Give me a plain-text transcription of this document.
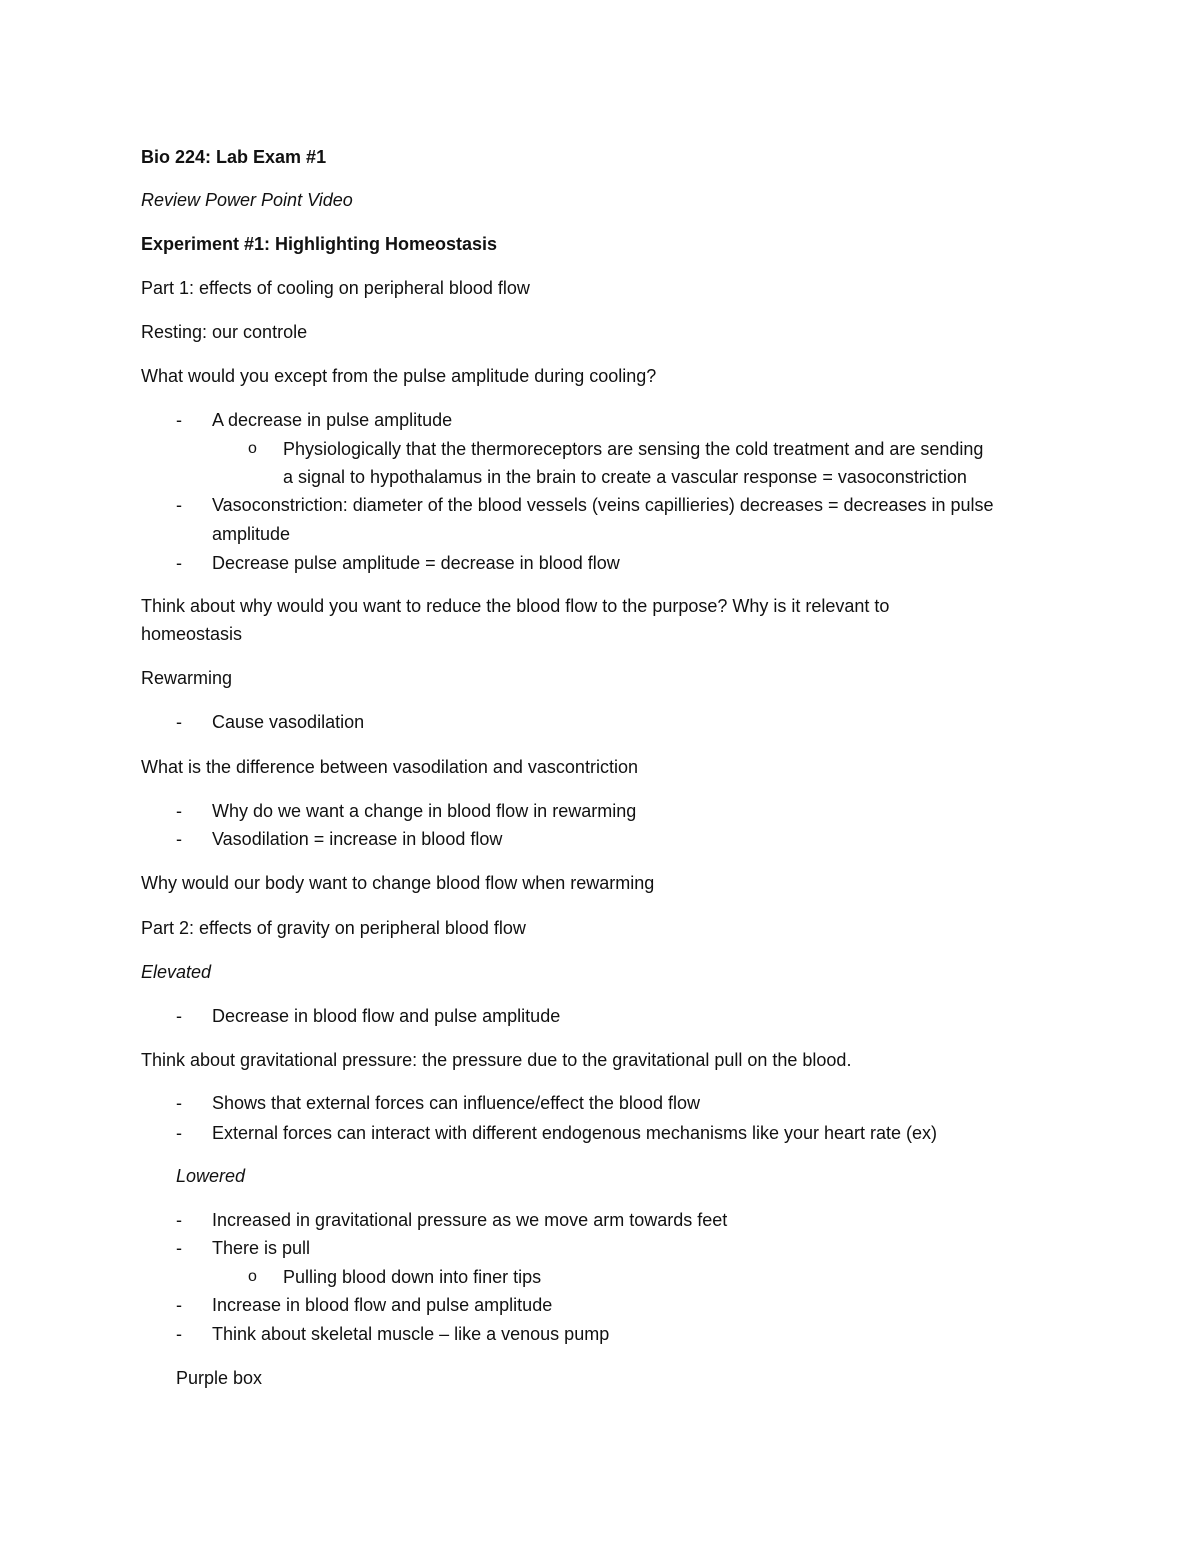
Bio 224: Lab Exam #1
Review Power Point Video
Experiment #1: Highlighting Homeostasis
Part 1: effects of cooling on peripheral blood flow
Resting: our controle
What would you except from the pulse amplitude during cooling?
- A decrease in pulse amplitude
o Physiologically that the thermoreceptors are sensing the cold treatment and are sending
a signal to hypothalamus in the brain to create a vascular response = vasoconstriction
- Vasoconstriction: diameter of the blood vessels (veins capillieries) decreases = decreases in pulse
amplitude
- Decrease pulse amplitude = decrease in blood flow
Think about why would you want to reduce the blood flow to the purpose? Why is it relevant to
homeostasis
Rewarming
- Cause vasodilation
What is the difference between vasodilation and vascontriction
- Why do we want a change in blood flow in rewarming
- Vasodilation = increase in blood flow
Why would our body want to change blood flow when rewarming
Part 2: effects of gravity on peripheral blood flow
Elevated
- Decrease in blood flow and pulse amplitude
Think about gravitational pressure: the pressure due to the gravitational pull on the blood.
- Shows that external forces can influence/effect the blood flow
- External forces can interact with different endogenous mechanisms like your heart rate (ex)
Lowered
- Increased in gravitational pressure as we move arm towards feet
- There is pull
o Pulling blood down into finer tips
- Increase in blood flow and pulse amplitude
- Think about skeletal muscle – like a venous pump
Purple box
